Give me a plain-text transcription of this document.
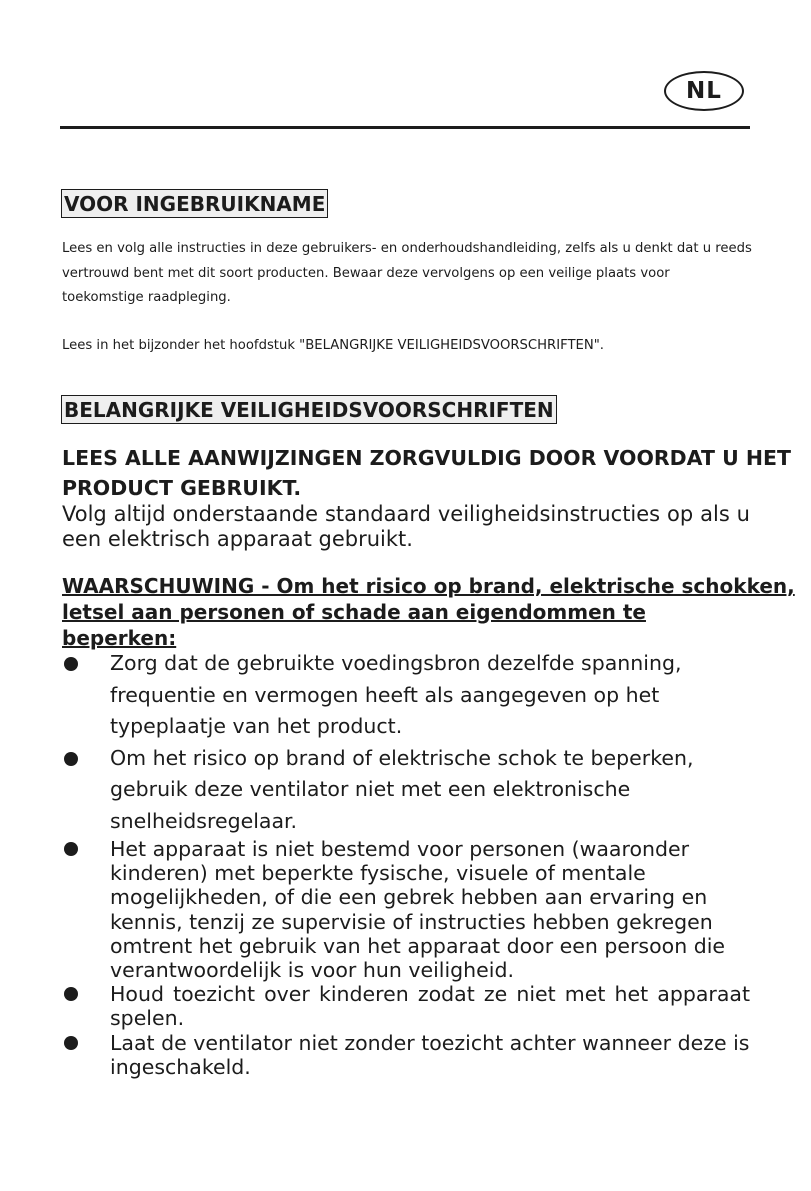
NL
VOOR INGEBRUIKNAME

Lees en volg alle instructies in deze gebruikers- en onderhoudshandleiding, zelfs als u denkt dat u reeds vertrouwd bent met dit soort producten. Bewaar deze vervolgens op een veilige plaats voor toekomstige raadpleging.

Lees in het bijzonder het hoofdstuk "BELANGRIJKE VEILIGHEIDSVOORSCHRIFTEN".

BELANGRIJKE VEILIGHEIDSVOORSCHRIFTEN

LEES ALLE AANWIJZINGEN ZORGVULDIG DOOR VOORDAT U HET

PRODUCT GEBRUIKT.

Volg altijd onderstaande standaard veiligheidsinstructies op als u een elektrisch apparaat gebruikt.

WAARSCHUWING - Om het risico op brand, elektrische schokken,
letsel aan personen of schade aan eigendommen te beperken:

Zorg dat de gebruikte voedingsbron dezelfde spanning, frequentie en vermogen heeft als aangegeven op het typeplaatje van het product.

Om het risico op brand of elektrische schok te beperken, gebruik deze ventilator niet met een elektronische snelheidsregelaar.

Het apparaat is niet bestemd voor personen (waaronder kinderen) met beperkte fysische, visuele of mentale mogelijkheden, of die een gebrek hebben aan ervaring en kennis, tenzij ze supervisie of instructies hebben gekregen omtrent het gebruik van het apparaat door een persoon die verantwoordelijk is voor hun veiligheid.

Houd toezicht over kinderen zodat ze niet met het apparaat spelen.

Laat de ventilator niet zonder toezicht achter wanneer deze is ingeschakeld.
